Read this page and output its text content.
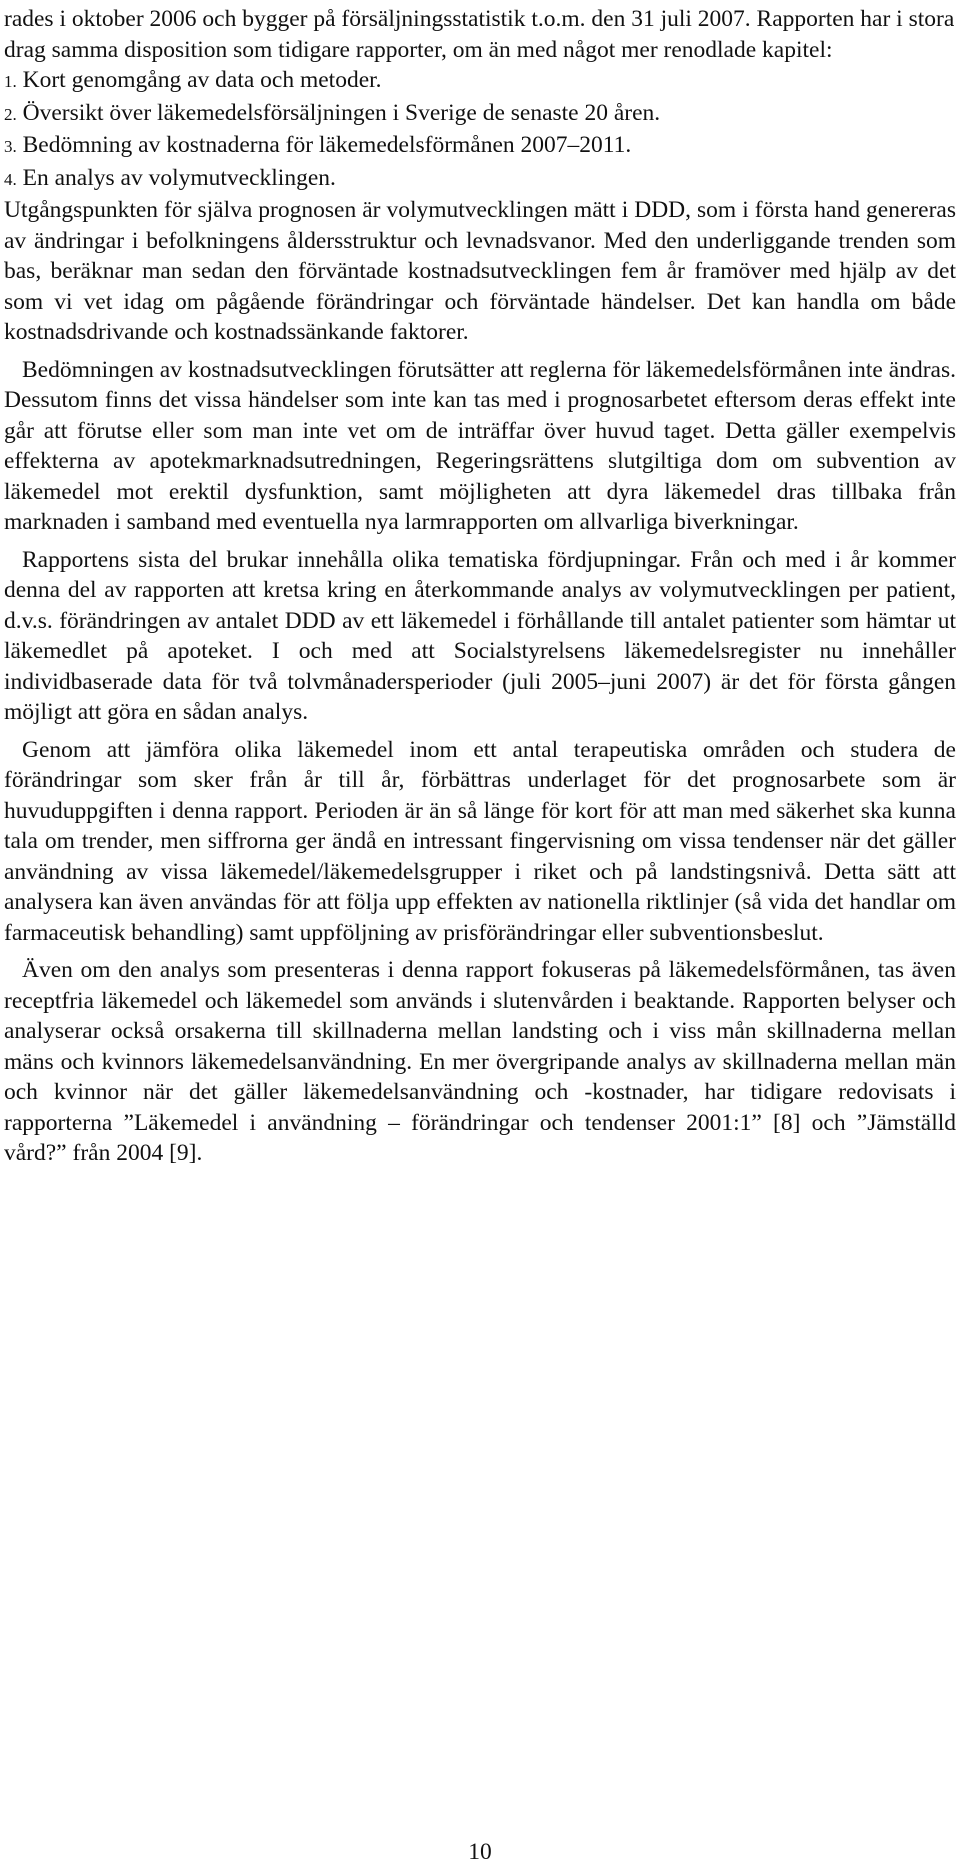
rades i oktober 2006 och bygger på försäljningsstatistik t.o.m. den 31 juli 2007. Rapporten har i stora drag samma disposition som tidigare rapporter, om än med något mer renodlade kapitel:

1. Kort genomgång av data och metoder.
2. Översikt över läkemedelsförsäljningen i Sverige de senaste 20 åren.
3. Bedömning av kostnaderna för läkemedelsförmånen 2007–2011.
4. En analys av volymutvecklingen.

Utgångspunkten för själva prognosen är volymutvecklingen mätt i DDD, som i första hand genereras av ändringar i befolkningens åldersstruktur och levnadsvanor. Med den underliggande trenden som bas, beräknar man sedan den förväntade kostnadsutvecklingen fem år framöver med hjälp av det som vi vet idag om pågående förändringar och förväntade händelser. Det kan handla om både kostnadsdrivande och kostnadssänkande faktorer.

Bedömningen av kostnadsutvecklingen förutsätter att reglerna för läkemedelsförmånen inte ändras. Dessutom finns det vissa händelser som inte kan tas med i prognosarbetet eftersom deras effekt inte går att förutse eller som man inte vet om de inträffar över huvud taget. Detta gäller exempelvis effekterna av apotekmarknadsutredningen, Regeringsrättens slutgiltiga dom om subvention av läkemedel mot erektil dysfunktion, samt möjligheten att dyra läkemedel dras tillbaka från marknaden i samband med eventuella nya larmrapporten om allvarliga biverkningar.

Rapportens sista del brukar innehålla olika tematiska fördjupningar. Från och med i år kommer denna del av rapporten att kretsa kring en återkommande analys av volymutvecklingen per patient, d.v.s. förändringen av antalet DDD av ett läkemedel i förhållande till antalet patienter som hämtar ut läkemedlet på apoteket. I och med att Socialstyrelsens läkemedelsregister nu innehåller individbaserade data för två tolvmånadersperioder (juli 2005–juni 2007) är det för första gången möjligt att göra en sådan analys.

Genom att jämföra olika läkemedel inom ett antal terapeutiska områden och studera de förändringar som sker från år till år, förbättras underlaget för det prognosarbete som är huvuduppgiften i denna rapport. Perioden är än så länge för kort för att man med säkerhet ska kunna tala om trender, men siffrorna ger ändå en intressant fingervisning om vissa tendenser när det gäller användning av vissa läkemedel/läkemedelsgrupper i riket och på landstingsnivå. Detta sätt att analysera kan även användas för att följa upp effekten av nationella riktlinjer (så vida det handlar om farmaceutisk behandling) samt uppföljning av prisförändringar eller subventionsbeslut.

Även om den analys som presenteras i denna rapport fokuseras på läkemedelsförmånen, tas även receptfria läkemedel och läkemedel som används i slutenvården i beaktande. Rapporten belyser och analyserar också orsakerna till skillnaderna mellan landsting och i viss mån skillnaderna mellan mäns och kvinnors läkemedelsanvändning. En mer övergripande analys av skillnaderna mellan män och kvinnor när det gäller läkemedelsanvändning och -kostnader, har tidigare redovisats i rapporterna ”Läkemedel i användning – förändringar och tendenser 2001:1” [8] och ”Jämställd vård?” från 2004 [9].

10
